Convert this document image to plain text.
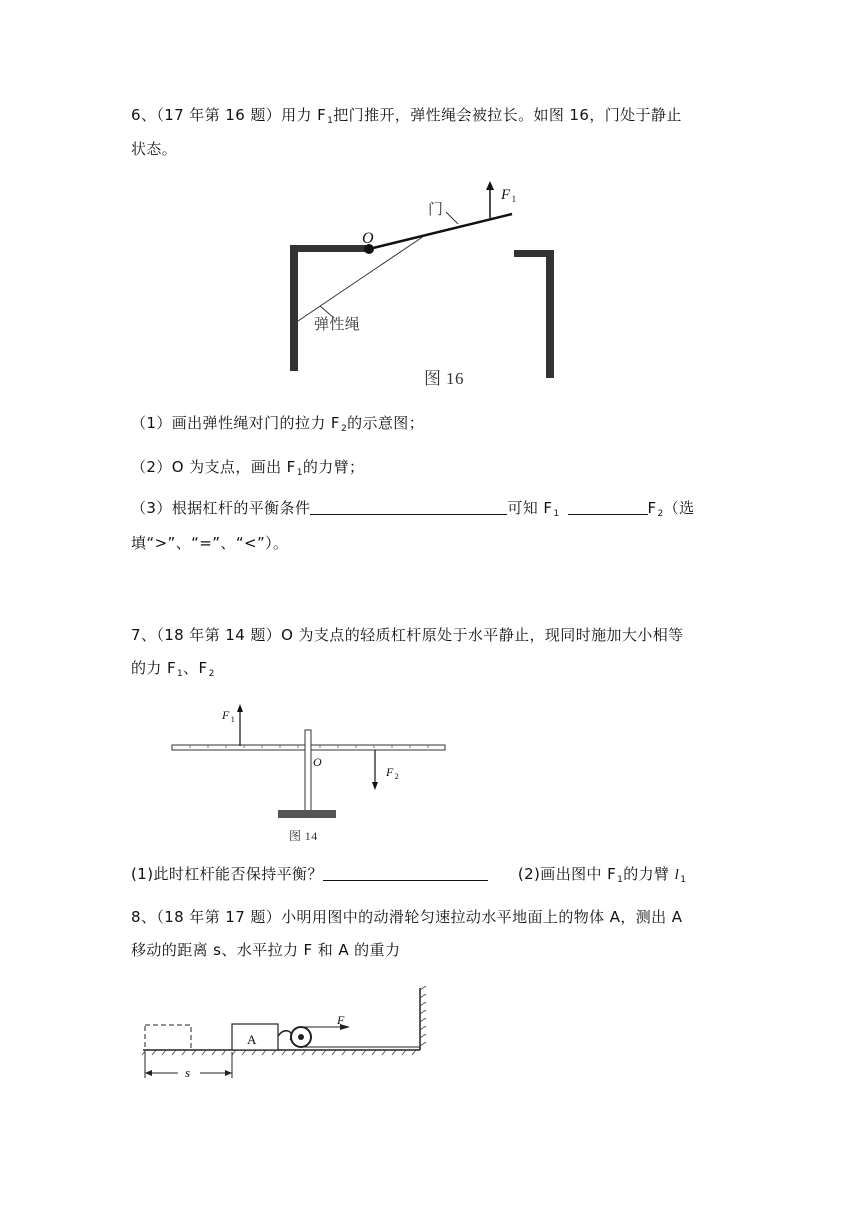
6、（17 年第 16 题）用力 $F_1$把门推开，弹性绳会被拉长。如图 16，门处于静止
状态。
O
$F_1$
门
弹性绳
图 16
（1）画出弹性绳对门的拉力 $F_2$的示意图；
（2）O 为支点，画出 $F_1$的力臂；
（3）根据杠杆的平衡条件	可知 $F_1$	$F_2$（选
填“>”、“=”、“<”）。
7、（18 年第 14 题）O 为支点的轻质杠杆原处于水平静止，现同时施加大小相等
的力 $F_1$、$F_2$
$F_1$
$F_2$
O
图 14
(1)此时杠杆能否保持平衡？	(2)画出图中 $F_1$的力臂 $l_1$
8、（18 年第 17 题）小明用图中的动滑轮匀速拉动水平地面上的物体 A，测出 A
移动的距离 s、水平拉力 F 和 A 的重力
A
F
s
